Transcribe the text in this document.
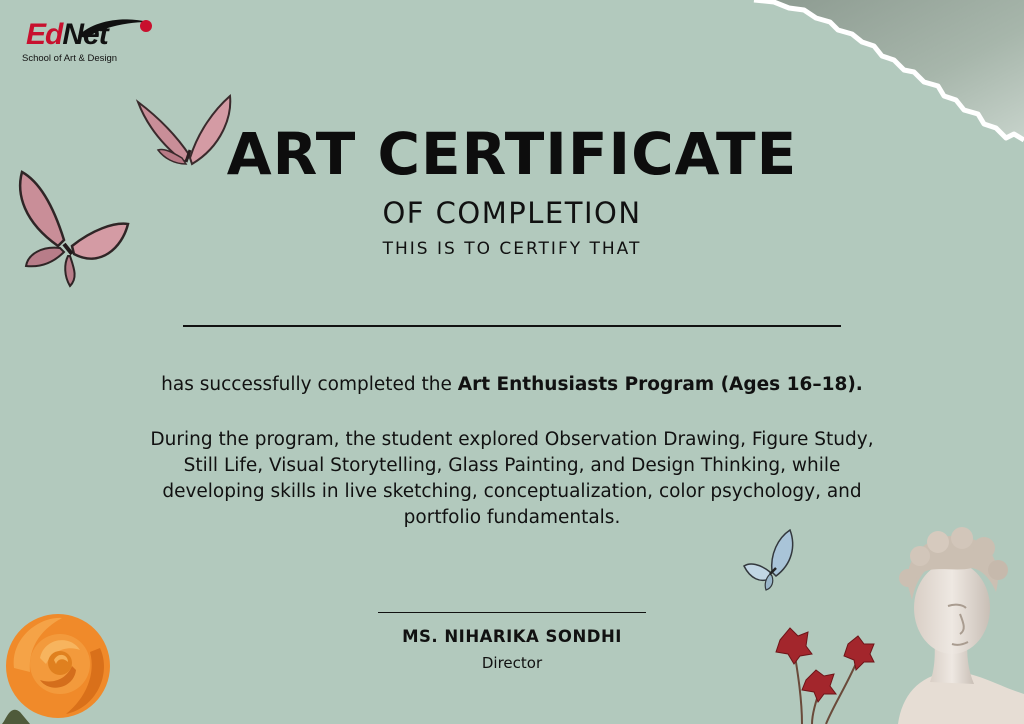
EdNet
School of Art & Design
ART CERTIFICATE
OF COMPLETION
THIS IS TO CERTIFY THAT
has successfully completed the Art Enthusiasts Program (Ages 16–18).
During the program, the student explored Observation Drawing, Figure Study, Still Life, Visual Storytelling, Glass Painting, and Design Thinking, while developing skills in live sketching, conceptualization, color psychology, and portfolio fundamentals.
MS. NIHARIKA SONDHI
Director
